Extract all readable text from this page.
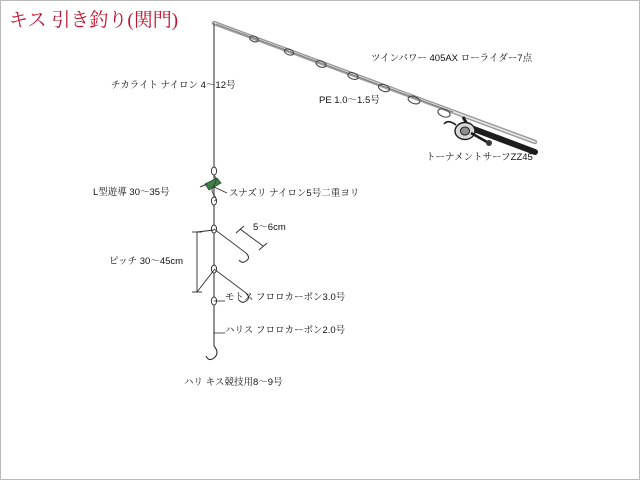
キス 引き釣り(関門)
ツインパワー 405AX ローライダー7点
チカライト ナイロン 4〜12号
PE 1.0〜1.5号
トーナメントサーフZZ45
L型遊導 30〜35号	スナズリ ナイロン5号二重ヨリ
5〜6cm
ピッチ 30〜45cm
モトス フロロカーボン3.0号
ハリス フロロカーボン2.0号
ハリ キス競技用8〜9号
